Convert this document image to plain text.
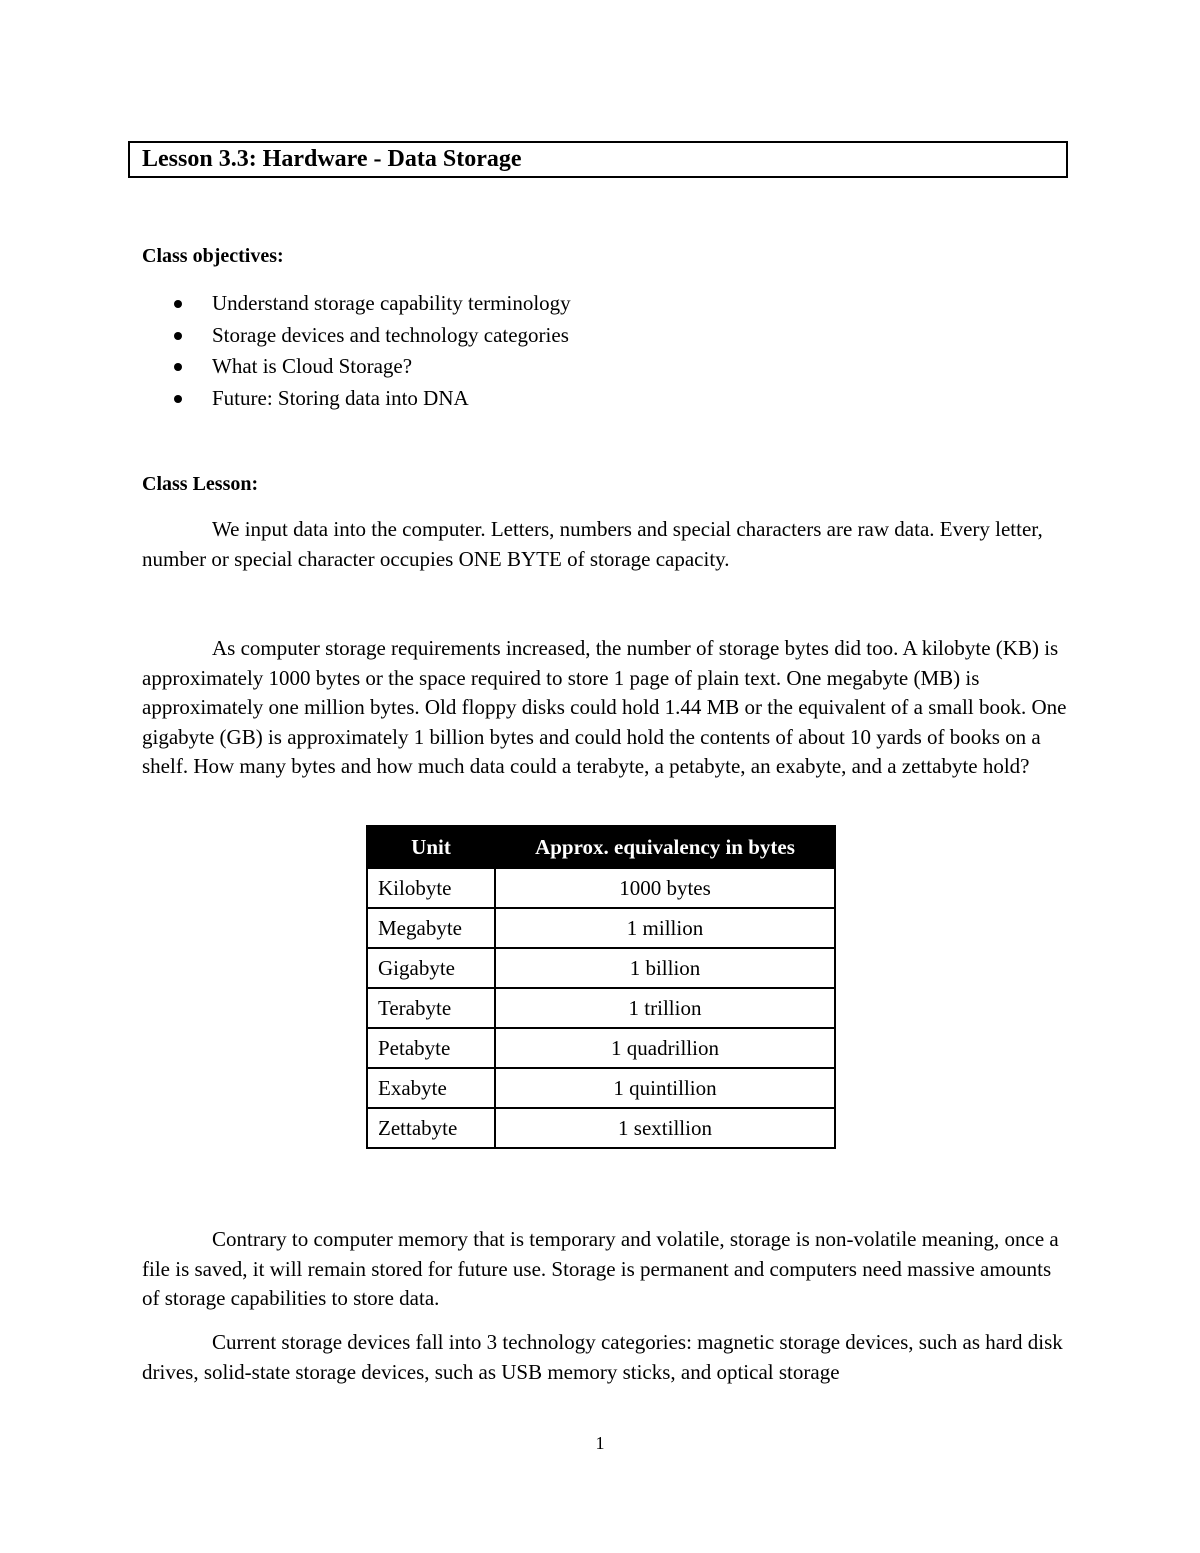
Lesson 3.3: Hardware - Data Storage
Class objectives:
Understand storage capability terminology
Storage devices and technology categories
What is Cloud Storage?
Future: Storing data into DNA
Class Lesson:

We input data into the computer. Letters, numbers and special characters are raw data. Every letter, number or special character occupies ONE BYTE of storage capacity.

As computer storage requirements increased, the number of storage bytes did too. A kilobyte (KB) is approximately 1000 bytes or the space required to store 1 page of plain text. One megabyte (MB) is approximately one million bytes. Old floppy disks could hold 1.44 MB or the equivalent of a small book. One gigabyte (GB) is approximately 1 billion bytes and could hold the contents of about 10 yards of books on a shelf. How many bytes and how much data could a terabyte, a petabyte, an exabyte, and a zettabyte hold?

Unit	Approx. equivalency in bytes
Kilobyte	1000 bytes
Megabyte	1 million
Gigabyte	1 billion
Terabyte	1 trillion
Petabyte	1 quadrillion
Exabyte	1 quintillion
Zettabyte	1 sextillion

Contrary to computer memory that is temporary and volatile, storage is non-volatile meaning, once a file is saved, it will remain stored for future use. Storage is permanent and computers need massive amounts of storage capabilities to store data.

Current storage devices fall into 3 technology categories: magnetic storage devices, such as hard disk drives, solid-state storage devices, such as USB memory sticks, and optical storage

1
